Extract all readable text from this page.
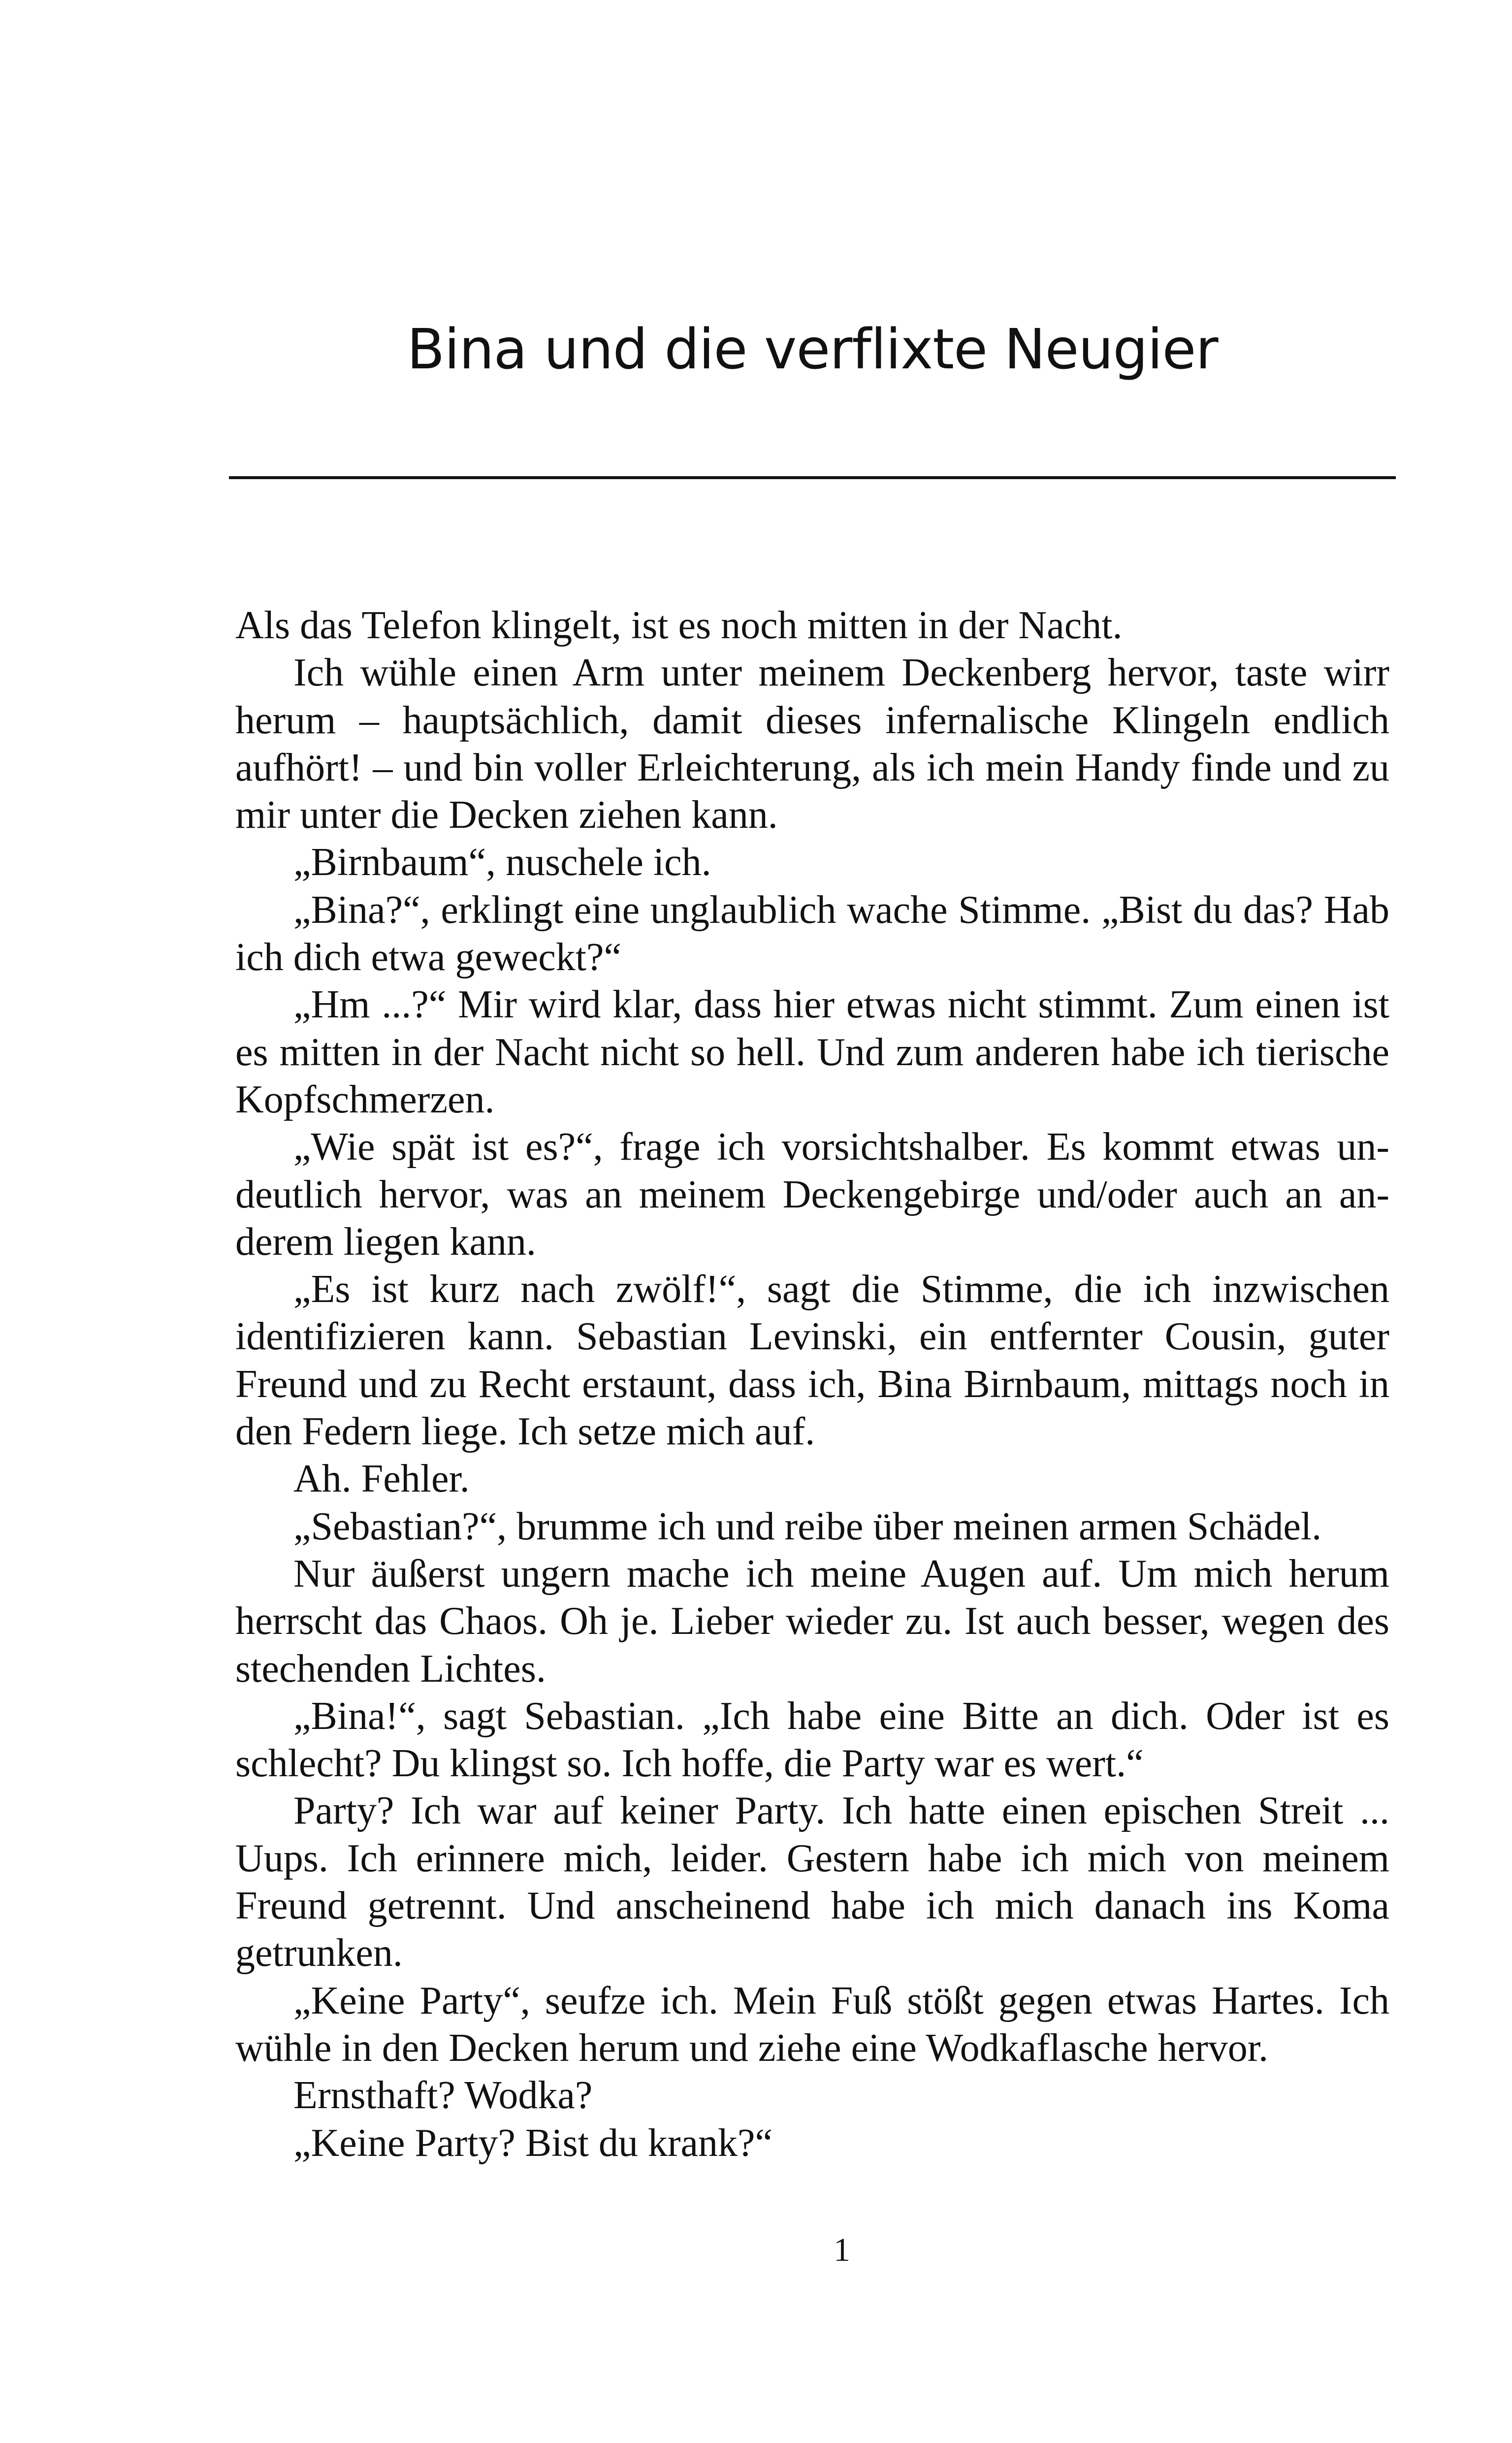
Bina und die verflixte Neugier

Als das Telefon klingelt, ist es noch mitten in der Nacht.

Ich wühle einen Arm unter meinem Deckenberg hervor, taste wirr herum – hauptsächlich, damit dieses infernalische Klingeln endlich aufhört! – und bin voller Erleichterung, als ich mein Handy finde und zu mir unter die Decken ziehen kann.

„Birnbaum“, nuschele ich.

„Bina?“, erklingt eine unglaublich wache Stimme. „Bist du das? Hab ich dich etwa geweckt?“

„Hm ...?“ Mir wird klar, dass hier etwas nicht stimmt. Zum einen ist es mitten in der Nacht nicht so hell. Und zum anderen habe ich tierische Kopfschmerzen.

„Wie spät ist es?“, frage ich vorsichtshalber. Es kommt etwas undeutlich hervor, was an meinem Deckengebirge und/oder auch an anderem liegen kann.

„Es ist kurz nach zwölf!“, sagt die Stimme, die ich inzwischen identifizieren kann. Sebastian Levinski, ein entfernter Cousin, guter Freund und zu Recht erstaunt, dass ich, Bina Birnbaum, mittags noch in den Federn liege. Ich setze mich auf.

Ah. Fehler.

„Sebastian?“, brumme ich und reibe über meinen armen Schädel.

Nur äußerst ungern mache ich meine Augen auf. Um mich herum herrscht das Chaos. Oh je. Lieber wieder zu. Ist auch besser, wegen des stechenden Lichtes.

„Bina!“, sagt Sebastian. „Ich habe eine Bitte an dich. Oder ist es schlecht? Du klingst so. Ich hoffe, die Party war es wert.“

Party? Ich war auf keiner Party. Ich hatte einen epischen Streit ... Uups. Ich erinnere mich, leider. Gestern habe ich mich von meinem Freund getrennt. Und anscheinend habe ich mich danach ins Koma getrunken.

„Keine Party“, seufze ich. Mein Fuß stößt gegen etwas Hartes. Ich wühle in den Decken herum und ziehe eine Wodkaflasche hervor.

Ernsthaft? Wodka?

„Keine Party? Bist du krank?“

1
